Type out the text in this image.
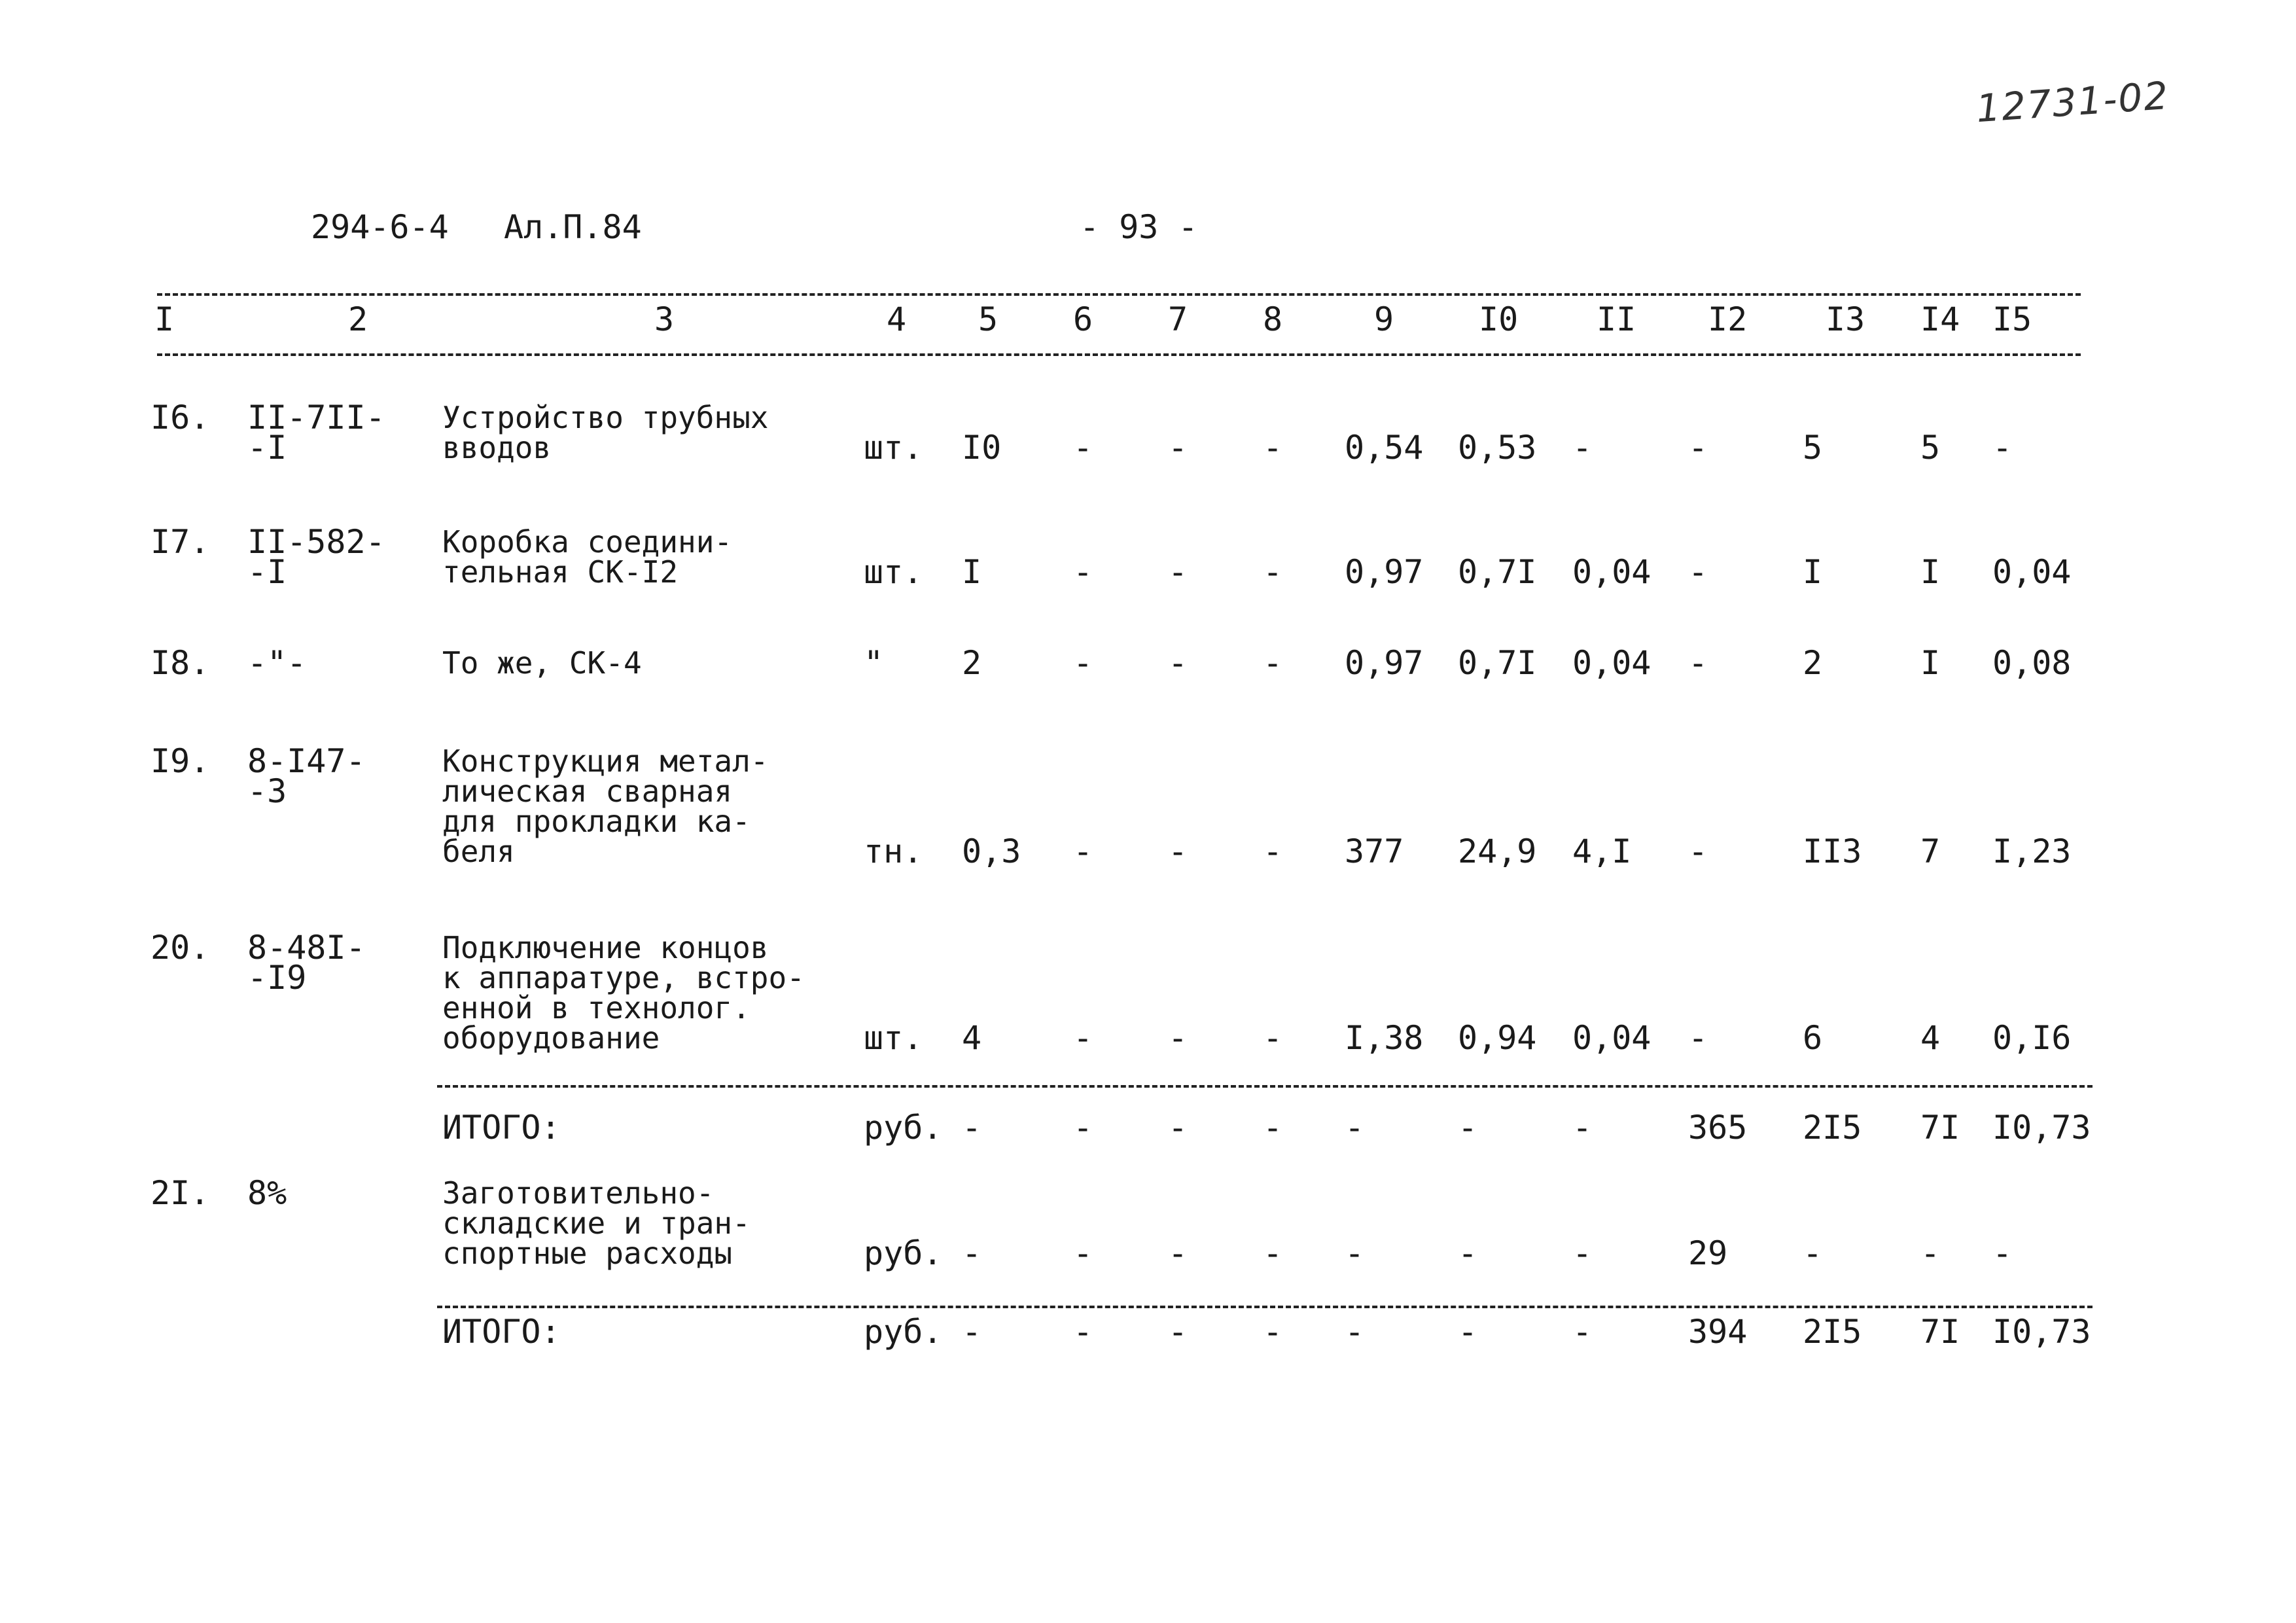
12731-02
294-6-4 Ал.П.84	- 93 -
I	2	3	4 5 6 7 8	9	I0 II I2 I3 I4 I5
I6. II-7II-
-I
Устройство трубных
вводов	шт. I0 - - - 0,54 0,53 -	-	5	5 -
I7. II-582-
-I
Коробка соедини-
тельная СК-I2	шт. I	- - - 0,97 0,7I 0,04 -	I	I 0,04
I8. -"-	То же, СК-4	" 2	- - - 0,97 0,7I 0,04 -	2	I 0,08
I9. 8-I47-
-3
Конструкция метал-
лическая сварная
для прокладки ка-
беля	тн. 0,3 - - - 377 24,9 4,I -	II3 7 I,23
20. 8-48I-
-I9
Подключение концов
к аппаратуре, встро-
енной в технолог.
оборудование	шт. 4	- - - I,38 0,94 0,04 -	6	4 0,I6
ИТОГО:	руб. -	- - - -	-	-	365 2I5 7I I0,73
2I. 8%	Заготовительно-
складские и тран-
спортные расходы	руб. -	- - - -	-	-	29 -	- -
ИТОГО:	руб. -	- - - -	-	-	394 2I5 7I I0,73
